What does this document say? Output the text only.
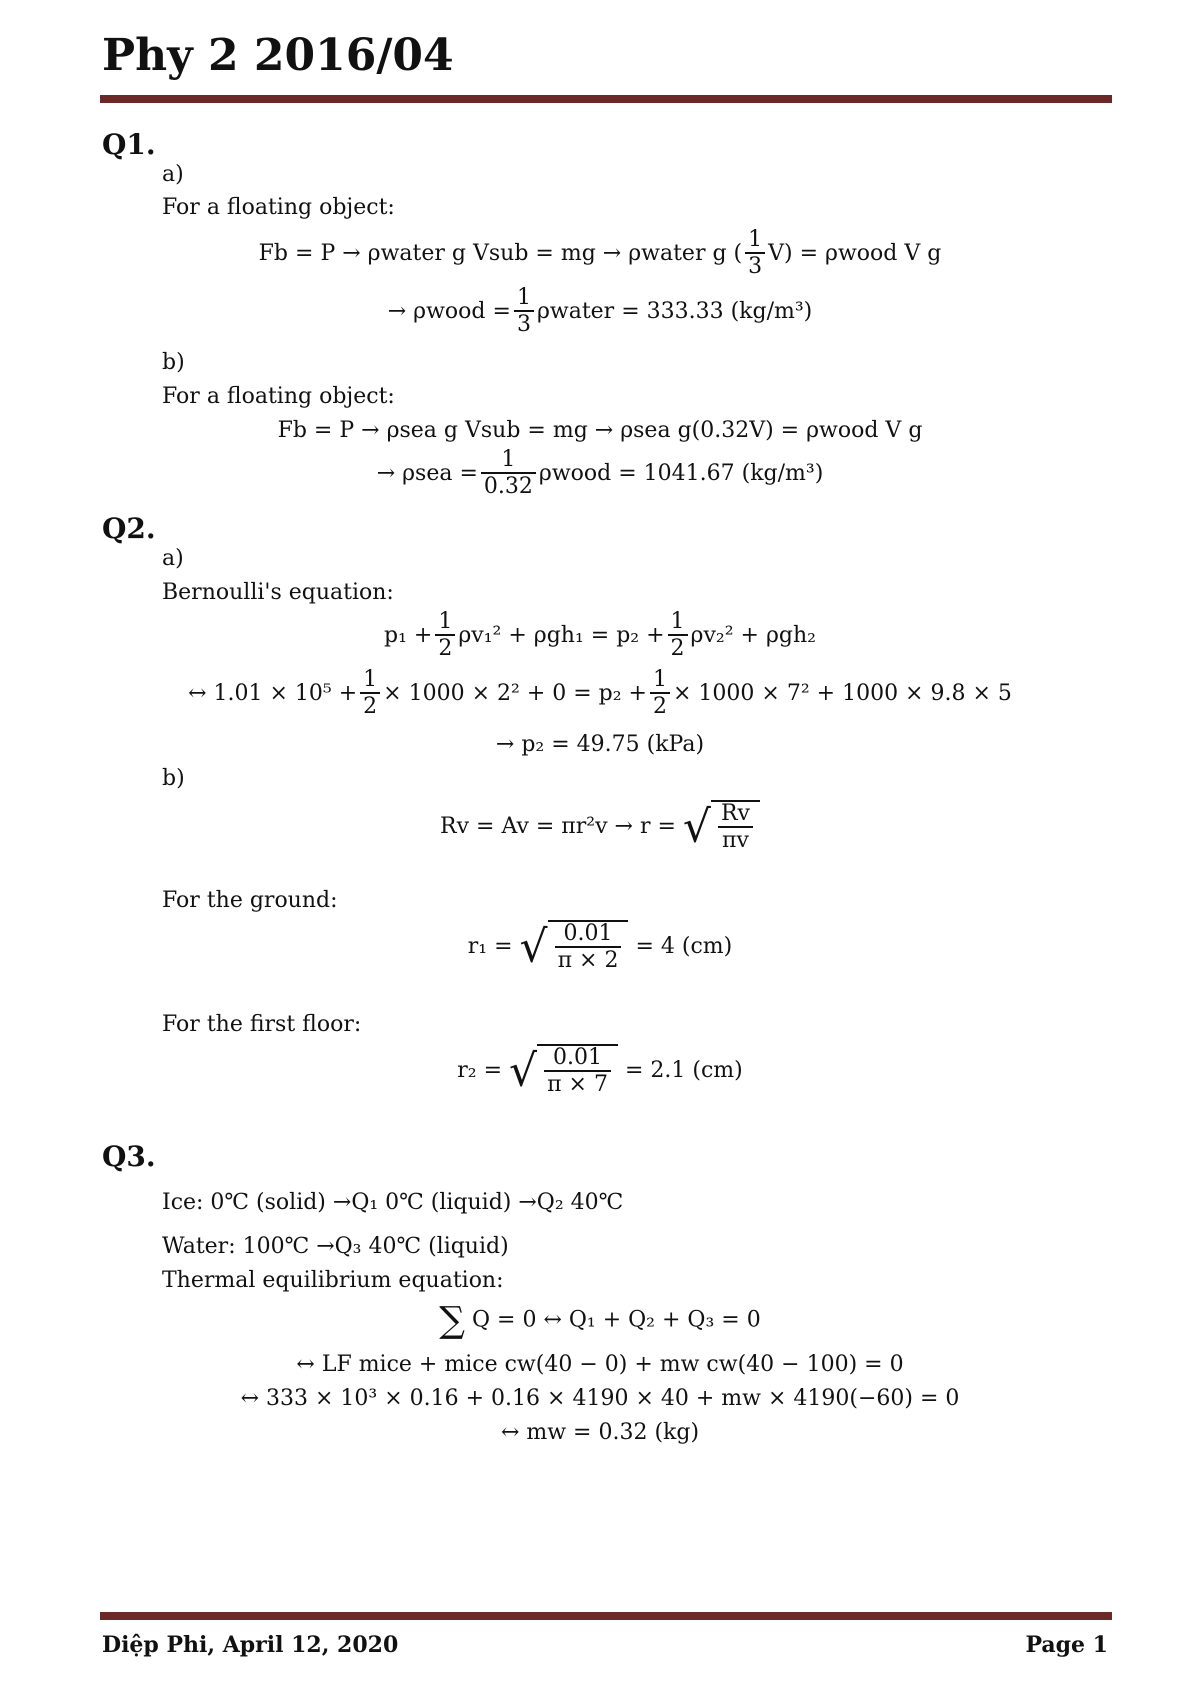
Phy 2 2016/04
Q1.
a)
For a floating object:
Fb = P → ρwater g Vsub = mg → ρwater g ( $\frac{1}{3} V$) = ρwood V g
→ ρwood = $\frac{1}{3}$ ρwater = 333.33 (kg/m³)
b)
For a floating object:
Fb = P → ρsea g Vsub = mg → ρsea g(0.32V) = ρwood V g
→ $\rho sea = \frac{1}{0.32}$ ρwood = 1041.67 (kg/m³)
Q2.
a)
Bernoulli's equation:
$p_1 + \frac{1}{2} \rho v_1^2 + \rho gh_1 = p_2 + \frac{1}{2} \rho v_2^2 + \rho gh_2$
↔ $1.01 \times 10^5 + \frac{1}{2} \times 1000 \times 2^2 + 0 = p_2 + \frac{1}{2} \times 1000 \times 7^2 + 1000 \times 9.8 \times 5$
→ p₂ = 49.75 (kPa)
b)
Rv = Av = πr²v → r = √ $\frac{Rv}{\pi v}$
For the ground:
r₁ = √ $\frac{0.01}{\pi \times 2} = 4$ (cm)
For the first floor:
r₂ = √ $\frac{0.01}{\pi \times 7} = 2.1$ (cm)
Q3.
Ice: 0℃ (solid) →Q₁ 0℃ (liquid) →Q₂ 40℃
Water: 100℃ →Q₃ 40℃ (liquid)
Thermal equilibrium equation:
∑ Q = 0 ↔ Q₁ + Q₂ + Q₃ = 0
↔ LF mice + mice cw(40 − 0) + mw cw(40 − 100) = 0
↔ 333 × 10³ × 0.16 + 0.16 × 4190 × 40 + mw × 4190(−60) = 0
↔ mw = 0.32 (kg)
Diệp Phi, April 12, 2020	Page 1
